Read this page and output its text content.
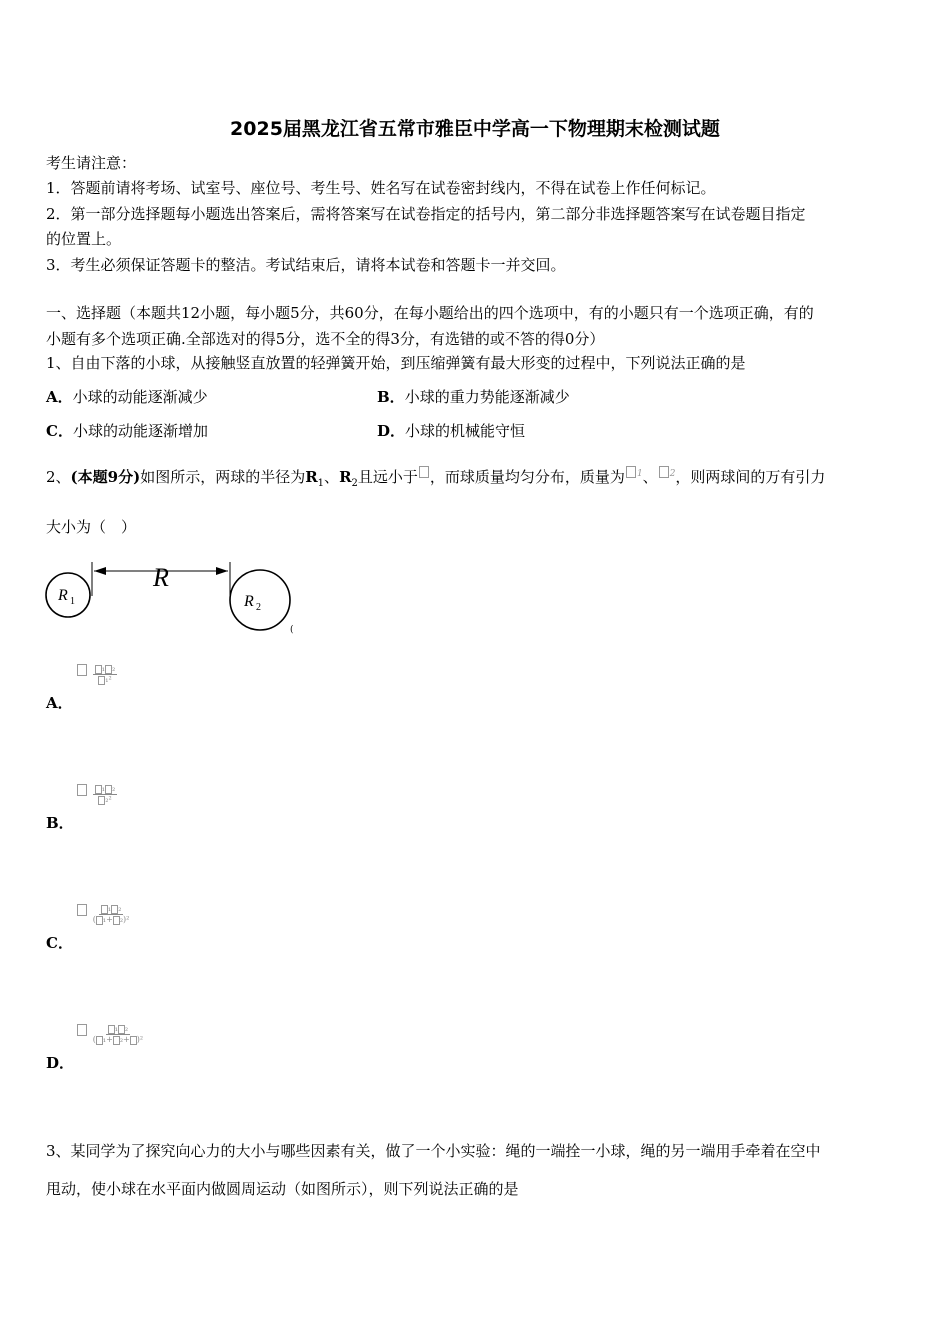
2025届黑龙江省五常市雅臣中学高一下物理期末检测试题
考生请注意：
1．答题前请将考场、试室号、座位号、考生号、姓名写在试卷密封线内，不得在试卷上作任何标记。
2．第一部分选择题每小题选出答案后，需将答案写在试卷指定的括号内，第二部分非选择题答案写在试卷题目指定
的位置上。
3．考生必须保证答题卡的整洁。考试结束后，请将本试卷和答题卡一并交回。
一、选择题（本题共12小题，每小题5分，共60分，在每小题给出的四个选项中，有的小题只有一个选项正确，有的
小题有多个选项正确.全部选对的得5分，选不全的得3分，有选错的或不答的得0分）
1、自由下落的小球，从接触竖直放置的轻弹簧开始，到压缩弹簧有最大形变的过程中，下列说法正确的是
A．小球的动能逐渐减少	B．小球的重力势能逐渐减少
C．小球的动能逐渐增加	D．小球的机械能守恒
2、(本题9分)如图所示，两球的半径为$R_1$、$R_2$且远小于 ，而球质量均匀分布，质量为 $^1$、 $^2$，则两球间的万有引力
大小为（　）
R
R 1	R 2
(

$\frac{\text{₁ ₂}}{\text{₁²}}$
A．

$\frac{\text{₁ ₂}}{\text{₂²}}$
B．

$\frac{\text{₁ ₂}}{\text{( ₁+ ₂)²}}$
C．

$\frac{\text{₁ ₂}}{\text{( ₁+ ₂+ )²}}$
D．
3、某同学为了探究向心力的大小与哪些因素有关，做了一个小实验：绳的一端拴一小球，绳的另一端用手牵着在空中
甩动，使小球在水平面内做圆周运动（如图所示），则下列说法正确的是
